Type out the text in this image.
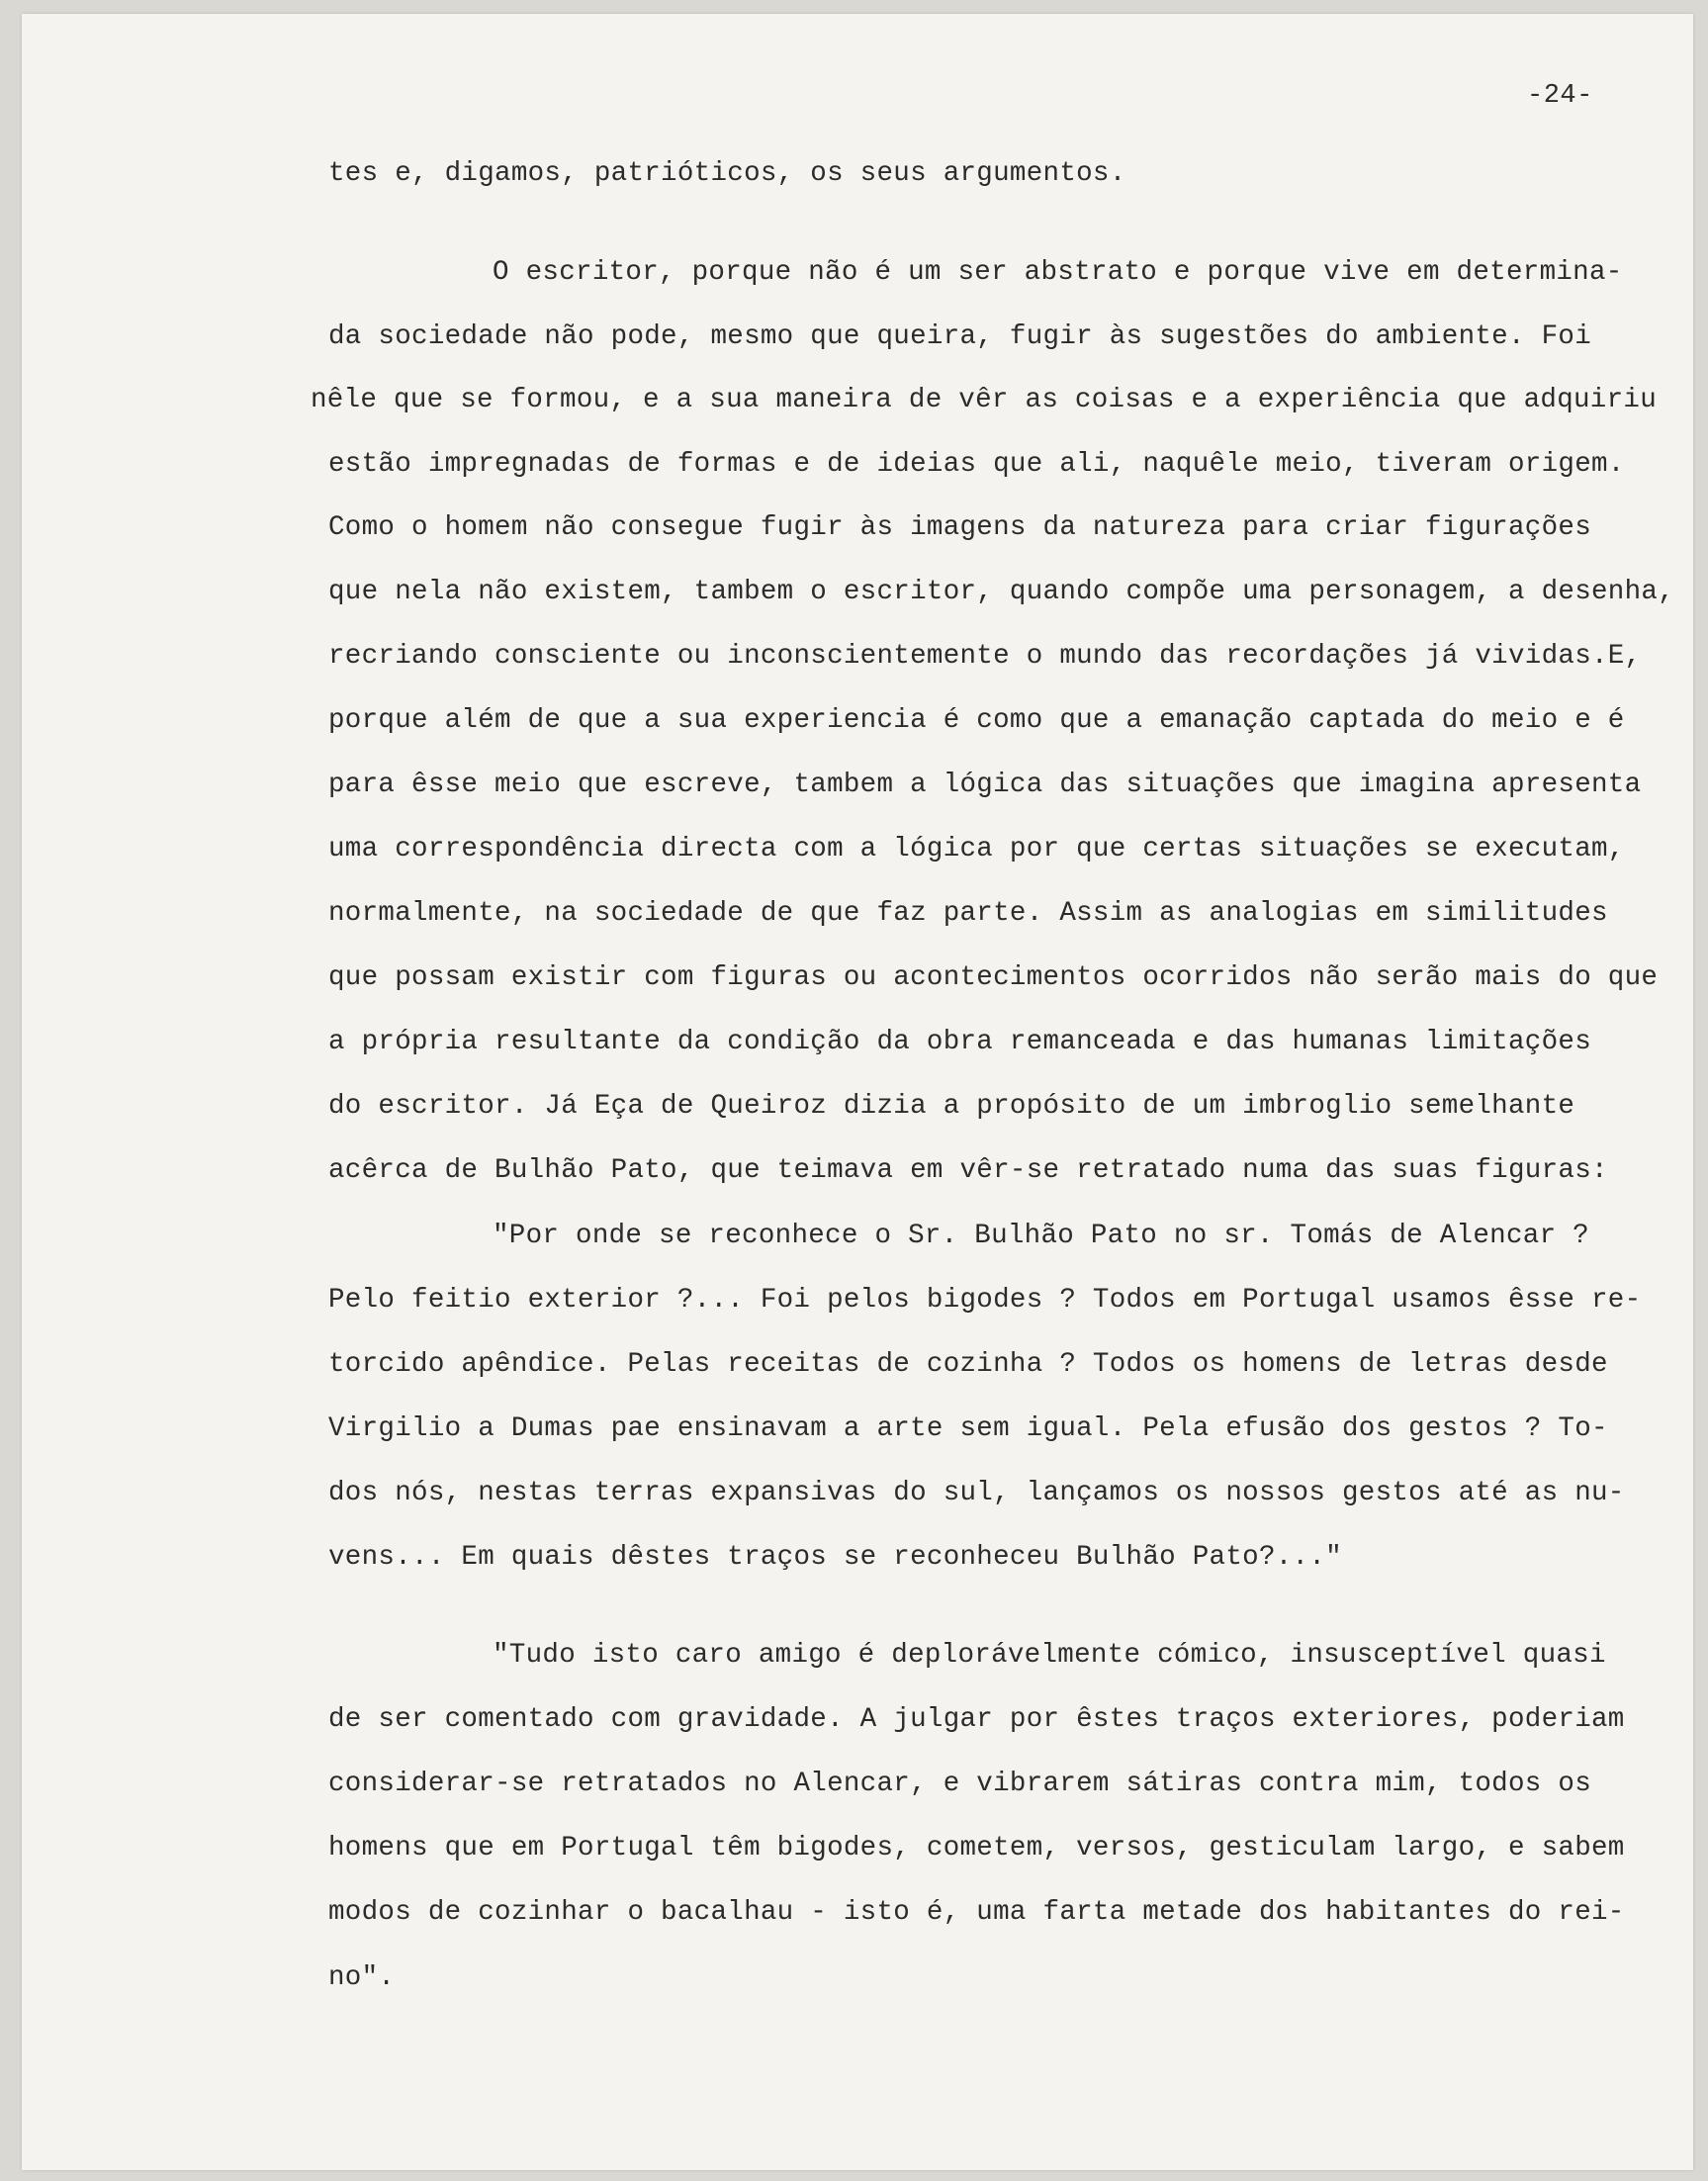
-24-
tes e, digamos, patrióticos, os seus argumentos.
O escritor, porque não é um ser abstrato e porque vive em determina-
da sociedade não pode, mesmo que queira, fugir às sugestões do ambiente. Foi
nêle que se formou, e a sua maneira de vêr as coisas e a experiência que adquiriu
estão impregnadas de formas e de ideias que ali, naquêle meio, tiveram origem.
Como o homem não consegue fugir às imagens da natureza para criar figurações
que nela não existem, tambem o escritor, quando compõe uma personagem, a desenha,
recriando consciente ou inconscientemente o mundo das recordações já vividas.E,
porque além de que a sua experiencia é como que a emanação captada do meio e é
para êsse meio que escreve, tambem a lógica das situações que imagina apresenta
uma correspondência directa com a lógica por que certas situações se executam,
normalmente, na sociedade de que faz parte. Assim as analogias em similitudes
que possam existir com figuras ou acontecimentos ocorridos não serão mais do que
a própria resultante da condição da obra remanceada e das humanas limitações
do escritor. Já Eça de Queiroz dizia a propósito de um imbroglio semelhante
acêrca de Bulhão Pato, que teimava em vêr-se retratado numa das suas figuras:
"Por onde se reconhece o Sr. Bulhão Pato no sr. Tomás de Alencar ?
Pelo feitio exterior ?... Foi pelos bigodes ? Todos em Portugal usamos êsse re-
torcido apêndice. Pelas receitas de cozinha ? Todos os homens de letras desde
Virgilio a Dumas pae ensinavam a arte sem igual. Pela efusão dos gestos ? To-
dos nós, nestas terras expansivas do sul, lançamos os nossos gestos até as nu-
vens... Em quais dêstes traços se reconheceu Bulhão Pato?..."
"Tudo isto caro amigo é deplorávelmente cómico, insusceptível quasi
de ser comentado com gravidade. A julgar por êstes traços exteriores, poderiam
considerar-se retratados no Alencar, e vibrarem sátiras contra mim, todos os
homens que em Portugal têm bigodes, cometem, versos, gesticulam largo, e sabem
modos de cozinhar o bacalhau - isto é, uma farta metade dos habitantes do rei-
no".
